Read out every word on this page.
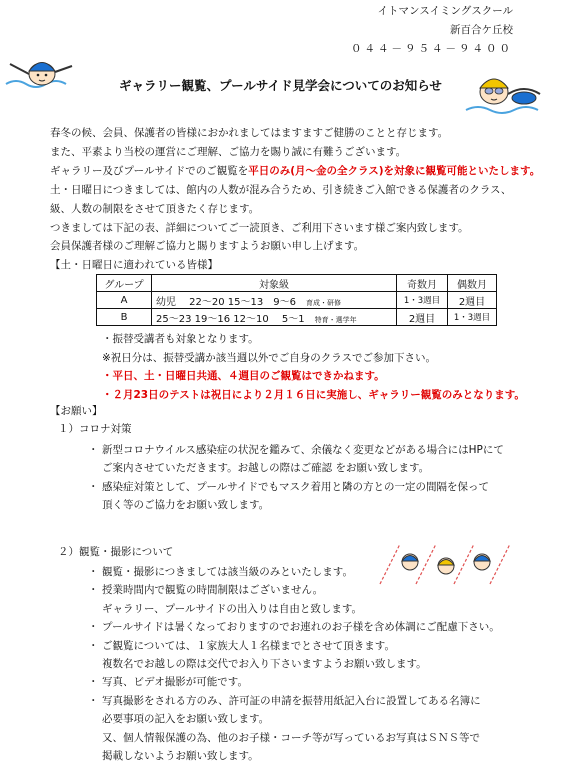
イトマンスイミングスクール
新百合ケ丘校
０４４－９５４－９４００
ギャラリー観覧、プールサイド見学会についてのお知らせ
春冬の候、会員、保護者の皆様におかれましてはますますご健勝のことと存じます。
また、平素より当校の運営にご理解、ご協力を賜り誠に有難うございます。
ギャラリー及びプールサイドでのご観覧を平日のみ(月～金の全クラス)を対象に観覧可能といたします。
土・日曜日につきましては、館内の人数が混み合うため、引き続きご入館できる保護者のクラス、
級、人数の制限をさせて頂きたく存じます。
つきましては下記の表、詳細についてご一読頂き、ご利用下さいます様ご案内致します。
会員保護者様のご理解ご協力と賜りますようお願い申し上げます。
【土・日曜日に適われている皆様】
グループ	対象級	奇数月	偶数月
A	幼児　 22～20 15～13　9～6　 育成・研修	1・3週目	2週目
B	25～23 19～16 12～10　 5～1　 特育・選学年	2週目	1・3週目
・振替受講者も対象となります。
※祝日分は、振替受講か該当週以外でご自身のクラスでご参加下さい。
・平日、土・日曜日共通、４週目のご観覧はできかねます。
・２月23日のテストは祝日により２月１６日に実施し、ギャラリー観覧のみとなります。
【お願い】
１）コロナ対策
・ 新型コロナウイルス感染症の状況を鑑みて、余儀なく変更などがある場合にはHPにて
ご案内させていただきます。お越しの際はご確認 をお願い致します。
・ 感染症対策として、プールサイドでもマスク着用と隣の方との一定の間隔を保って
頂く等のご協力をお願い致します。
２）観覧・撮影について
・ 観覧・撮影につきましては該当級のみといたします。
・ 授業時間内で観覧の時間制限はございません。
ギャラリー、プールサイドの出入りは自由と致します。
・ プールサイドは暑くなっておりますのでお連れのお子様を含め体調にご配慮下さい。
・ ご観覧については、１家族大人１名様までとさせて頂きます。
複数名でお越しの際は交代でお入り下さいますようお願い致します。
・ 写真、ビデオ撮影が可能です。
・ 写真撮影をされる方のみ、許可証の申請を振替用紙記入台に設置してある名簿に
必要事項の記入をお願い致します。
又、個人情報保護の為、他のお子様・コーチ等が写っているお写真はＳＮＳ等で
掲載しないようお願い致します。
